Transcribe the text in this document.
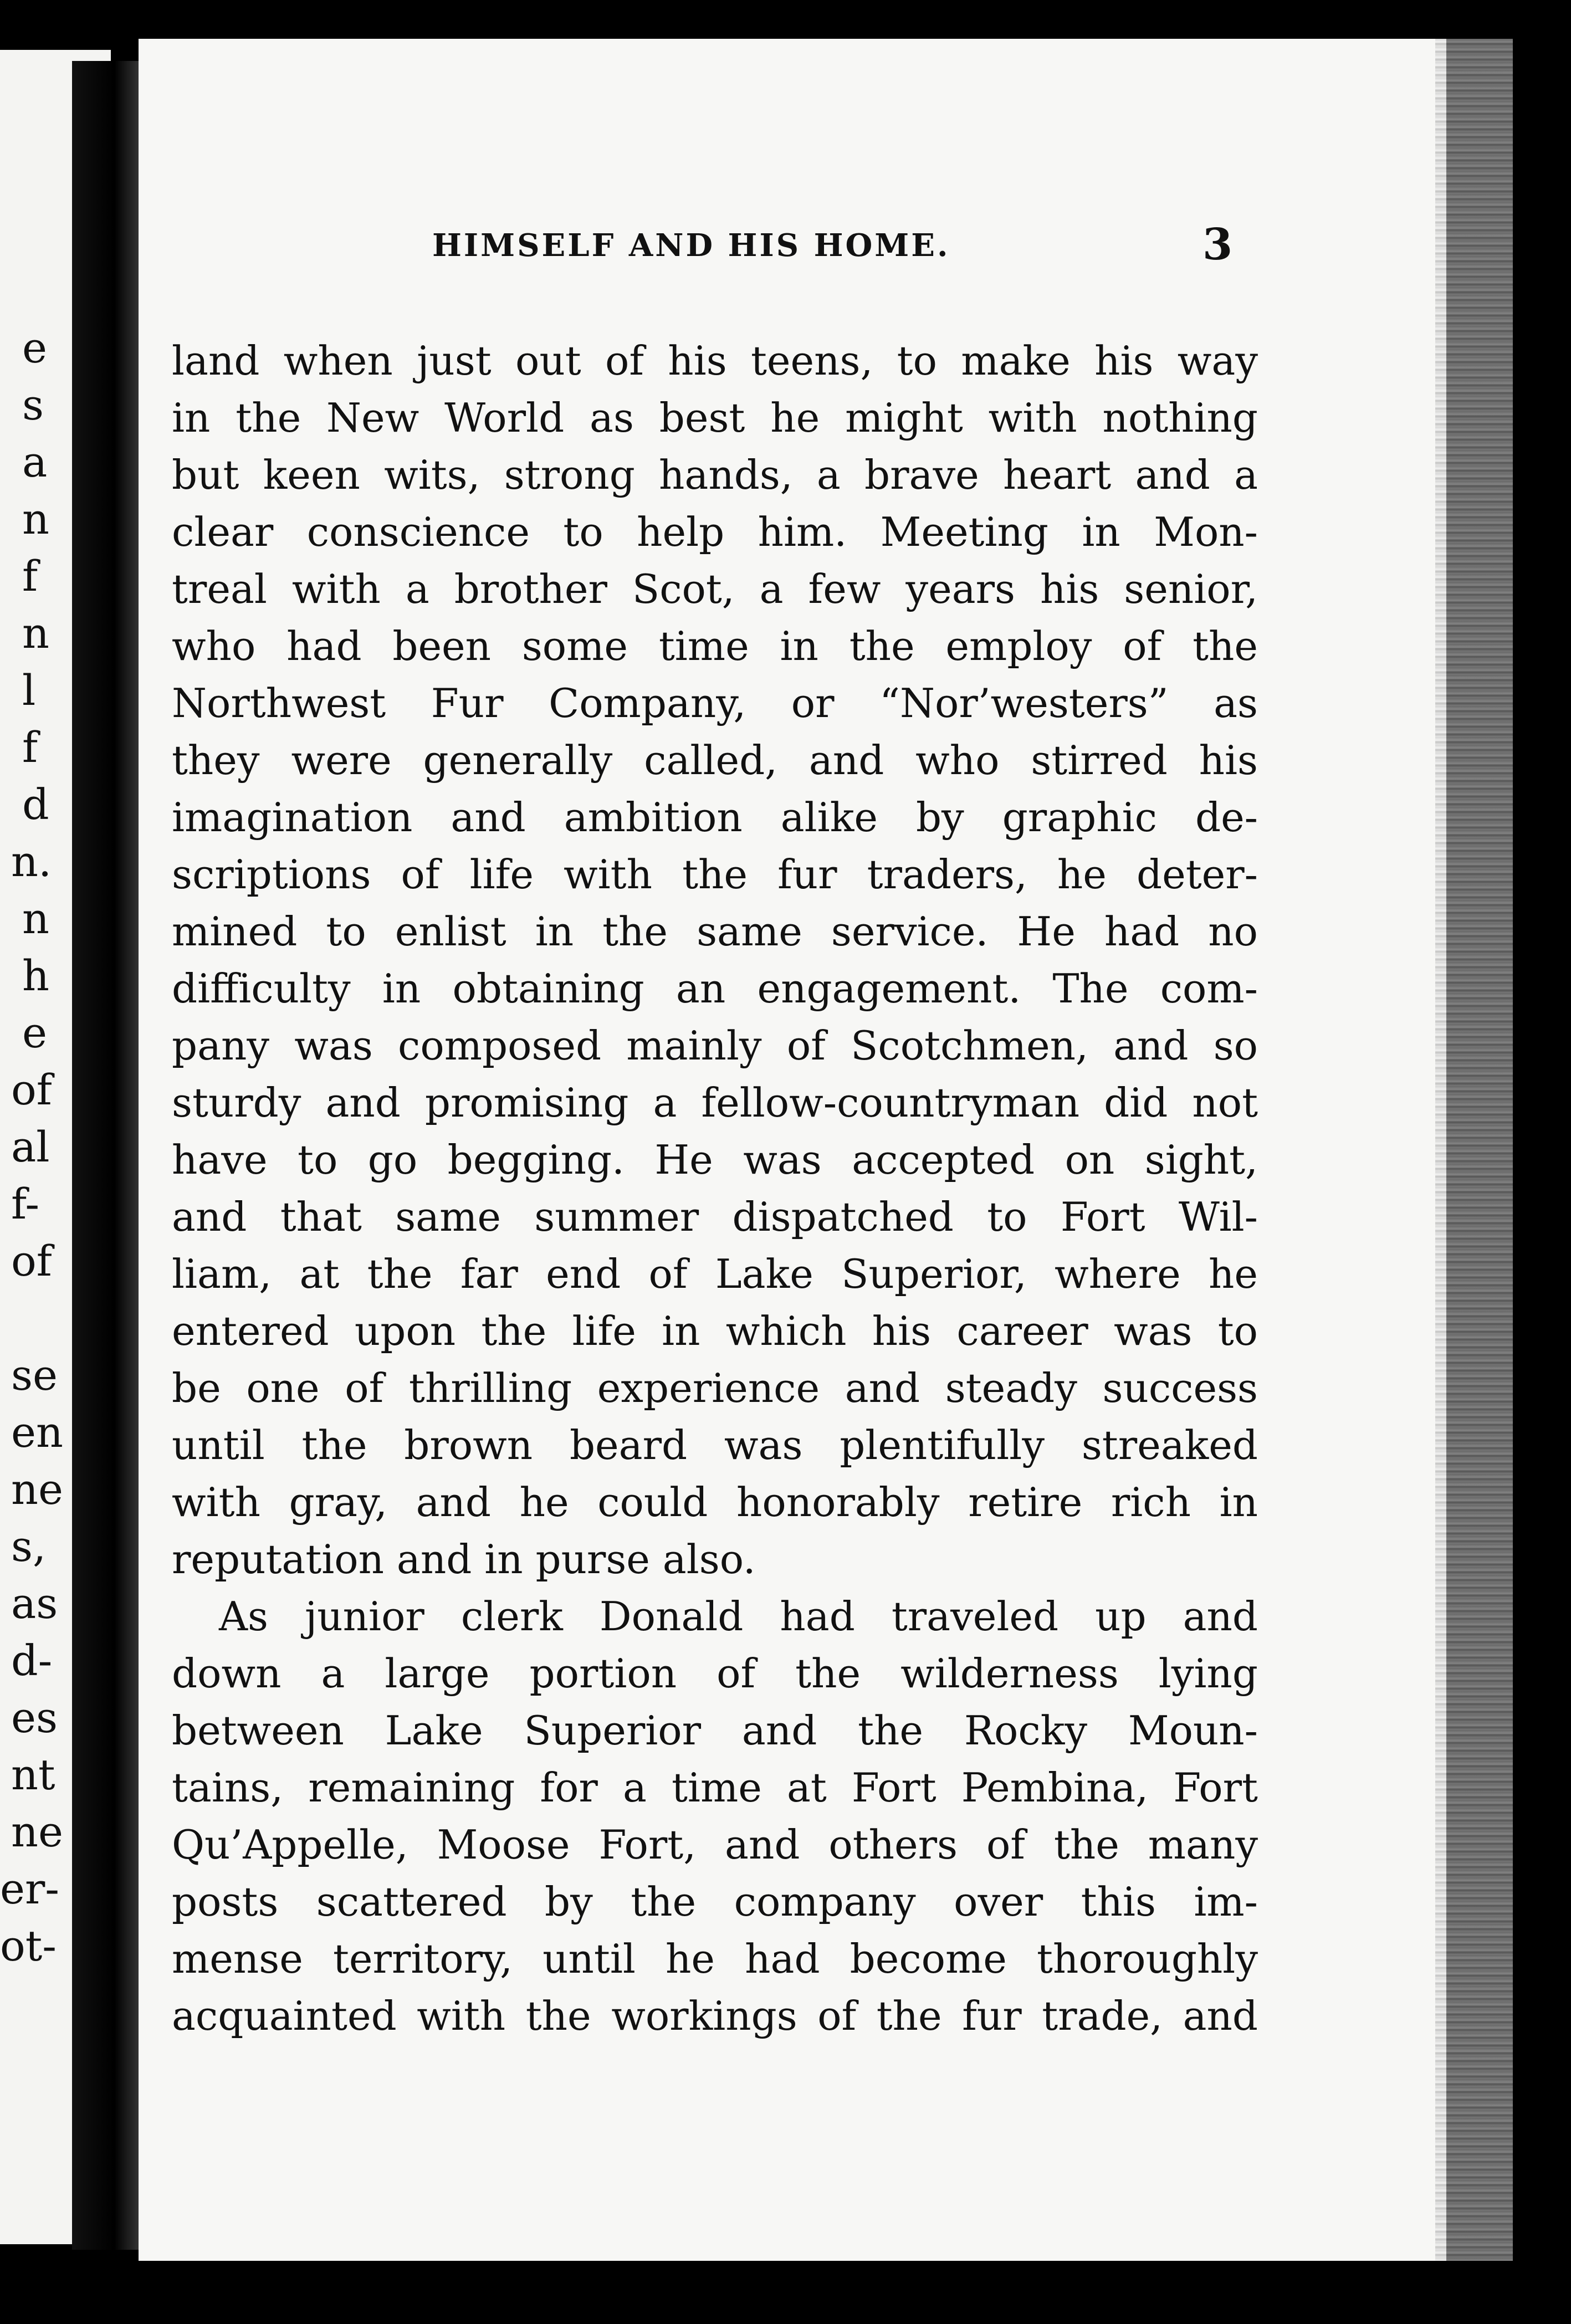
e
s
a
n
f
n
l
f
d
n.
n
h
e
of
al
f-
of
se
en
ne
s,
as
d-
es
nt
ne
er-
ot-
HIMSELF AND HIS HOME.	3
land when just out of his teens, to make his way
in the New World as best he might with nothing
but keen wits, strong hands, a brave heart and a
clear conscience to help him. Meeting in Mon-
treal with a brother Scot, a few years his senior,
who had been some time in the employ of the
Northwest Fur Company, or “Nor’westers” as
they were generally called, and who stirred his
imagination and ambition alike by graphic de-
scriptions of life with the fur traders, he deter-
mined to enlist in the same service. He had no
difficulty in obtaining an engagement. The com-
pany was composed mainly of Scotchmen, and so
sturdy and promising a fellow-countryman did not
have to go begging. He was accepted on sight,
and that same summer dispatched to Fort Wil-
liam, at the far end of Lake Superior, where he
entered upon the life in which his career was to
be one of thrilling experience and steady success
until the brown beard was plentifully streaked
with gray, and he could honorably retire rich in
reputation and in purse also.
As junior clerk Donald had traveled up and
down a large portion of the wilderness lying
between Lake Superior and the Rocky Moun-
tains, remaining for a time at Fort Pembina, Fort
Qu’Appelle, Moose Fort, and others of the many
posts scattered by the company over this im-
mense territory, until he had become thoroughly
acquainted with the workings of the fur trade, and
